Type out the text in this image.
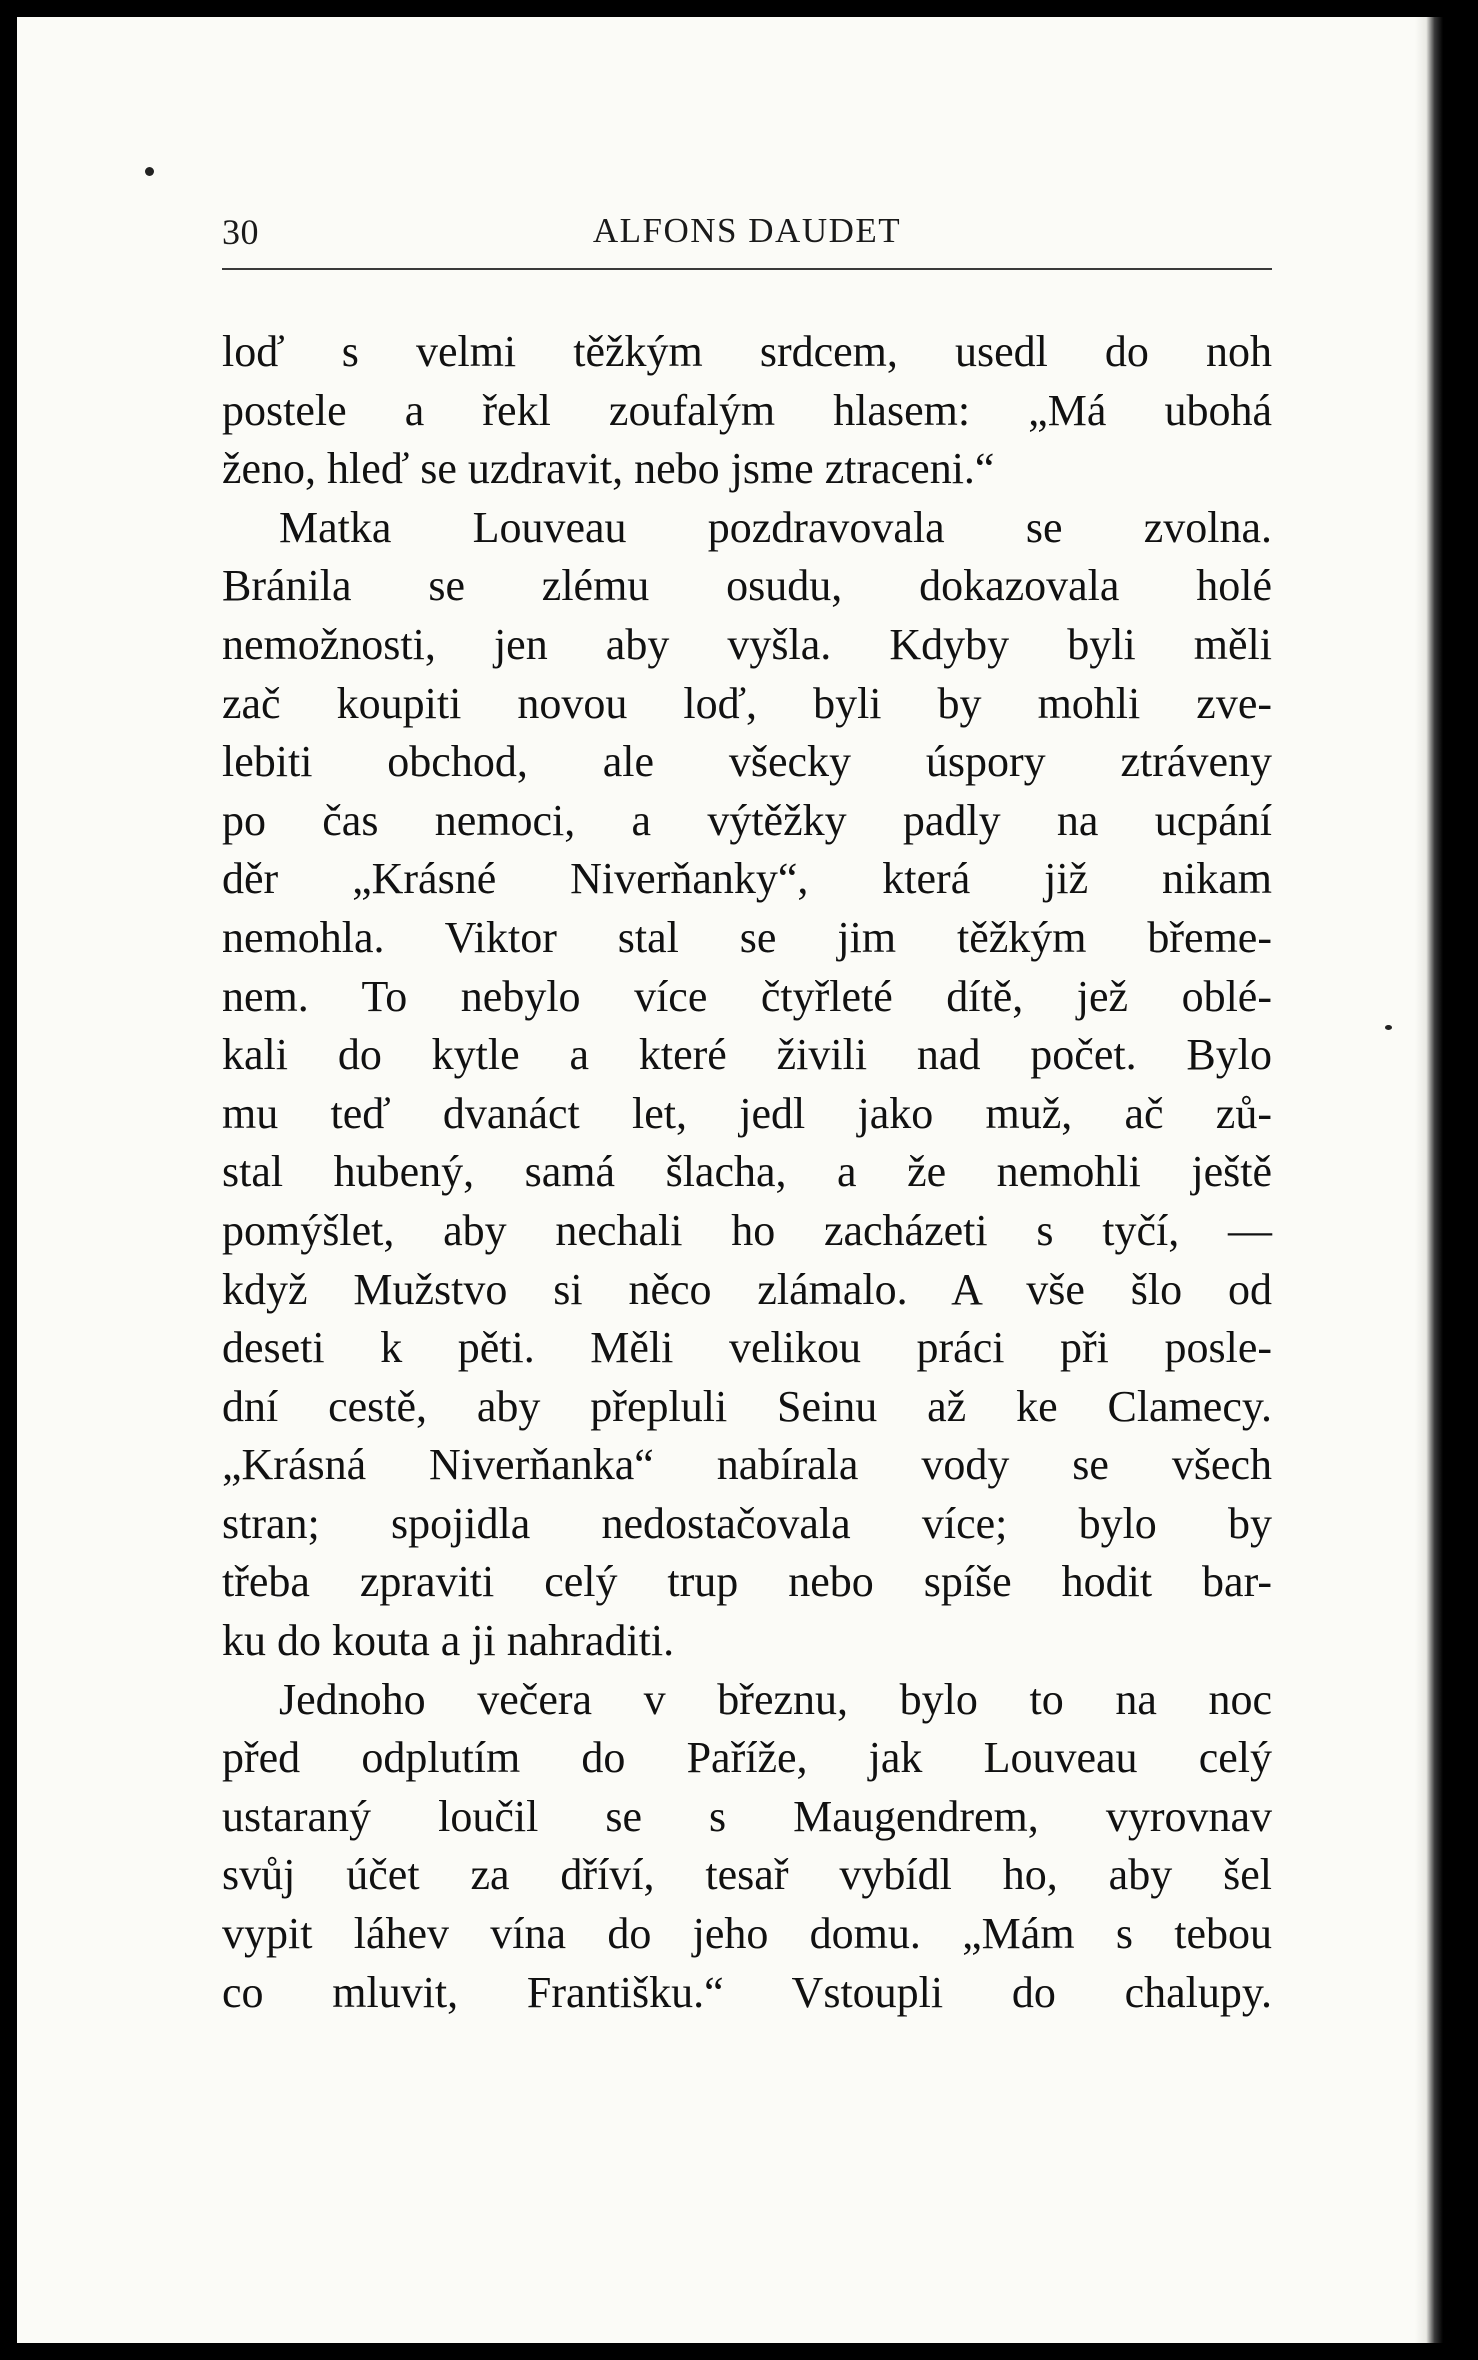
30	ALFONS DAUDET
loď s velmi těžkým srdcem, usedl do noh
postele a řekl zoufalým hlasem: „Má ubohá
ženo, hleď se uzdravit, nebo jsme ztraceni.“
Matka Louveau pozdravovala se zvolna.
Bránila se zlému osudu, dokazovala holé
nemožnosti, jen aby vyšla. Kdyby byli měli
zač koupiti novou loď, byli by mohli zve-
lebiti obchod, ale všecky úspory ztráveny
po čas nemoci, a výtěžky padly na ucpání
děr „Krásné Niverňanky“, která již nikam
nemohla. Viktor stal se jim těžkým břeme-
nem. To nebylo více čtyřleté dítě, jež oblé-
kali do kytle a které živili nad počet. Bylo
mu teď dvanáct let, jedl jako muž, ač zů-
stal hubený, samá šlacha, a že nemohli ještě
pomýšlet, aby nechali ho zacházeti s tyčí, —
když Mužstvo si něco zlámalo. A vše šlo od
deseti k pěti. Měli velikou práci při posle-
dní cestě, aby přepluli Seinu až ke Clamecy.
„Krásná Niverňanka“ nabírala vody se všech
stran; spojidla nedostačovala více; bylo by
třeba zpraviti celý trup nebo spíše hodit bar-
ku do kouta a ji nahraditi.
Jednoho večera v březnu, bylo to na noc
před odplutím do Paříže, jak Louveau celý
ustaraný loučil se s Maugendrem, vyrovnav
svůj účet za dříví, tesař vybídl ho, aby šel
vypit láhev vína do jeho domu. „Mám s tebou
co mluvit, Františku.“ Vstoupli do chalupy.
